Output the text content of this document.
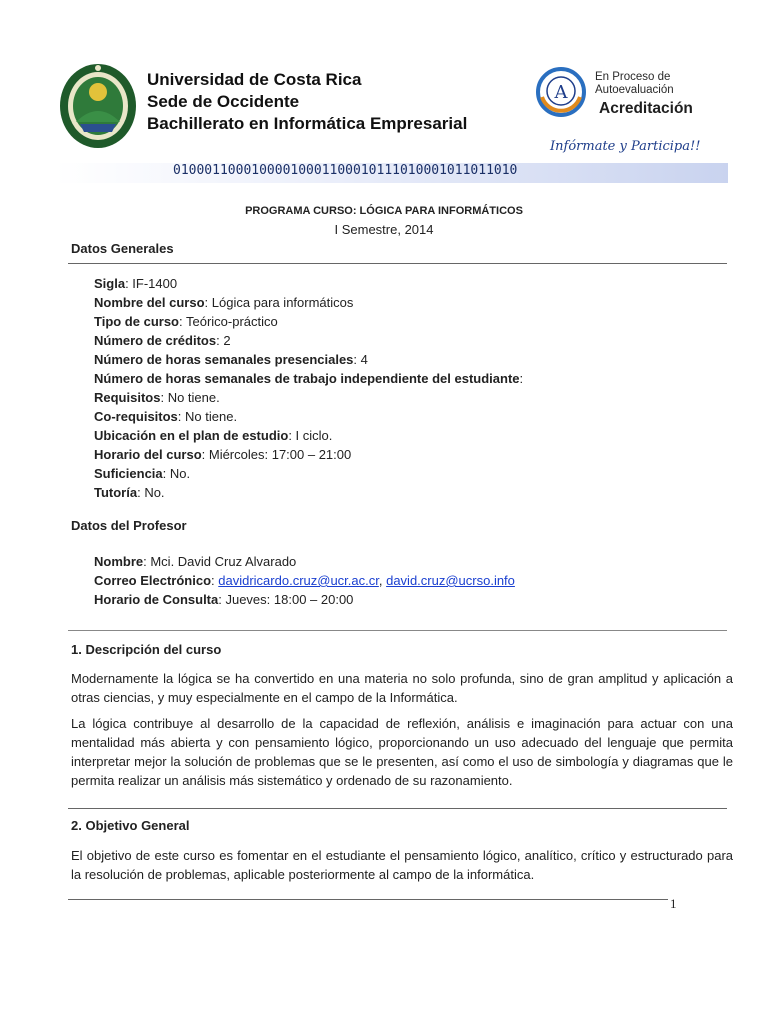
Universidad de Costa Rica
Sede de Occidente
Bachillerato en Informática Empresarial
A
En Proceso de
Autoevaluación
Acreditación
Infórmate y Participa!!
01000110001000010001100010111010001011011010
PROGRAMA CURSO: LÓGICA PARA INFORMÁTICOS
I Semestre, 2014
Datos Generales
Sigla: IF-1400
Nombre del curso: Lógica para informáticos
Tipo de curso: Teórico-práctico
Número de créditos: 2
Número de horas semanales presenciales: 4
Número de horas semanales de trabajo independiente del estudiante:
Requisitos: No tiene.
Co-requisitos: No tiene.
Ubicación en el plan de estudio: I ciclo.
Horario del curso: Miércoles: 17:00 – 21:00
Suficiencia: No.
Tutoría: No.
Datos del Profesor
Nombre: Mci. David Cruz Alvarado
Correo Electrónico: davidricardo.cruz@ucr.ac.cr, david.cruz@ucrso.info
Horario de Consulta: Jueves: 18:00 – 20:00
1. Descripción del curso
Modernamente la lógica se ha convertido en una materia no solo profunda, sino de gran amplitud y aplicación a otras ciencias, y muy especialmente en el campo de la Informática.
La lógica contribuye al desarrollo de la capacidad de reflexión, análisis e imaginación para actuar con una mentalidad más abierta y con pensamiento lógico, proporcionando un uso adecuado del lenguaje que permita interpretar mejor la solución de problemas que se le presenten, así como el uso de simbología y diagramas que le permita realizar un análisis más sistemático y ordenado de su razonamiento.
2. Objetivo General
El objetivo de este curso es fomentar en el estudiante el pensamiento lógico, analítico, crítico y estructurado para la resolución de problemas, aplicable posteriormente al campo de la informática.
1
